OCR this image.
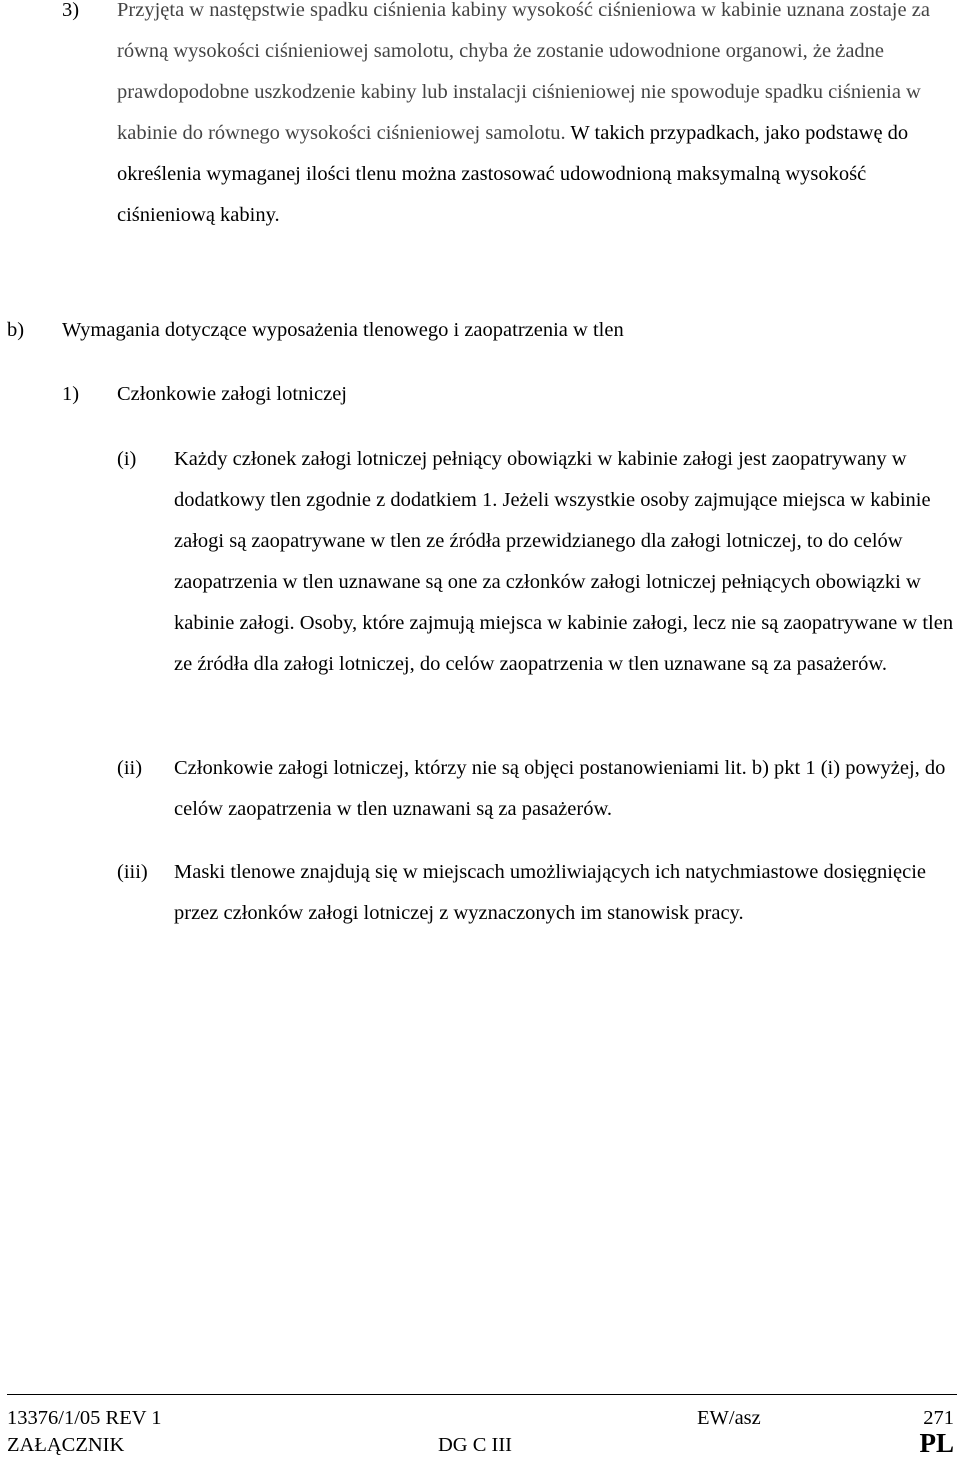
3) Przyjęta w następstwie spadku ciśnienia kabiny wysokość ciśnieniowa w kabinie uznana zostaje za równą wysokości ciśnieniowej samolotu, chyba że zostanie udowodnione organowi, że żadne prawdopodobne uszkodzenie kabiny lub instalacji ciśnieniowej nie spowoduje spadku ciśnienia w kabinie do równego wysokości ciśnieniowej samolotu. W takich przypadkach, jako podstawę do określenia wymaganej ilości tlenu można zastosować udowodnioną maksymalną wysokość ciśnieniową kabiny.

b) Wymagania dotyczące wyposażenia tlenowego i zaopatrzenia w tlen
1) Członkowie załogi lotniczej
(i) Każdy członek załogi lotniczej pełniący obowiązki w kabinie załogi jest zaopatrywany w dodatkowy tlen zgodnie z dodatkiem 1. Jeżeli wszystkie osoby zajmujące miejsca w kabinie załogi są zaopatrywane w tlen ze źródła przewidzianego dla załogi lotniczej, to do celów zaopatrzenia w tlen uznawane są one za członków załogi lotniczej pełniących obowiązki w kabinie załogi. Osoby, które zajmują miejsca w kabinie załogi, lecz nie są zaopatrywane w tlen ze źródła dla załogi lotniczej, do celów zaopatrzenia w tlen uznawane są za pasażerów.

(ii) Członkowie załogi lotniczej, którzy nie są objęci postanowieniami lit. b) pkt 1 (i) powyżej, do celów zaopatrzenia w tlen uznawani są za pasażerów.

(iii) Maski tlenowe znajdują się w miejscach umożliwiających ich natychmiastowe dosięgnięcie przez członków załogi lotniczej z wyznaczonych im stanowisk pracy.

13376/1/05 REV 1	EW/asz	271
ZAŁĄCZNIK	DG C III	PL
